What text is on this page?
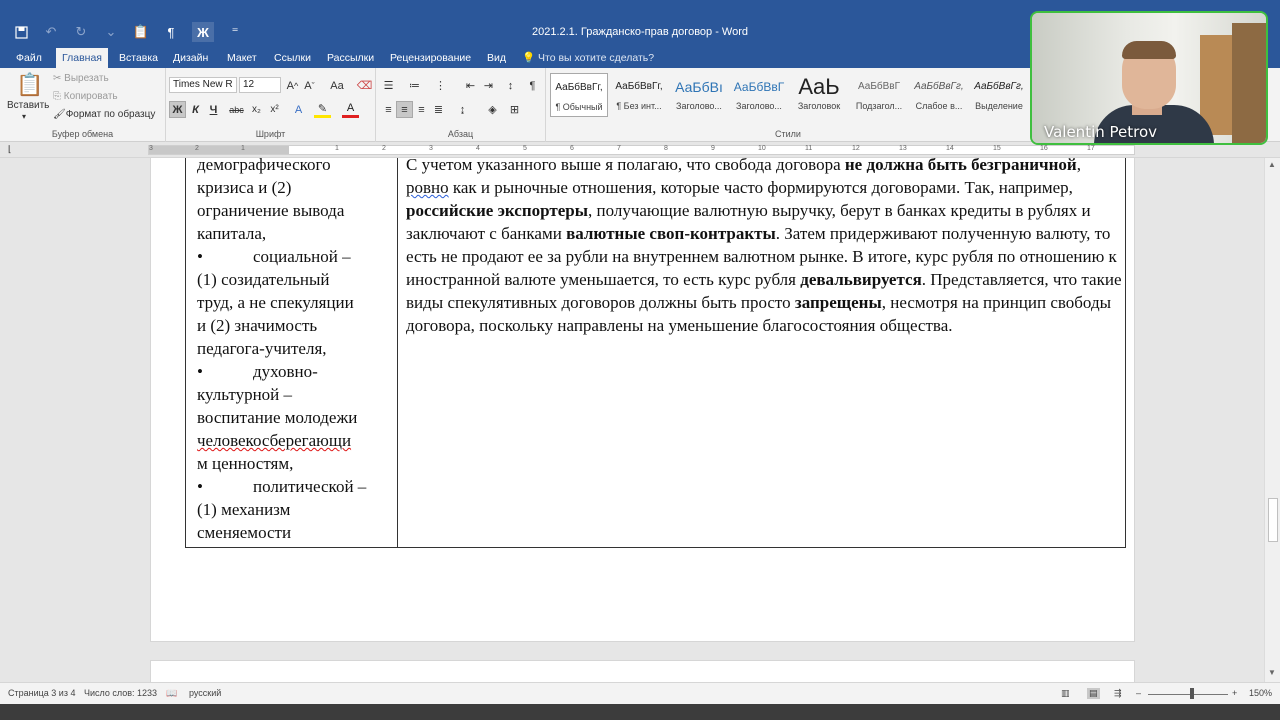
↶ ↻ ⌄ 📋	¶	Ж	⁼	2021.2.1. Гражданско-прав договор - Word
Файл	Главная	Вставка	Дизайн	Макет	Ссылки	Рассылки	Рецензирование	Вид	💡 Что вы хотите сделать?
📋
Вставить
▾
✂ Вырезать
⎘ Копировать
🖌Формат по образцу
Буфер обмена
Times New R	12	A ^ A ˇ	Aa	⌫
Ж К Ч	abc x₂ x²	A	✎	A
Шрифт
☰	≔ ⋮	⇤ ⇥	↕	¶
≡ ≡ ≡ ≣	↨	◈	⊞
Абзац
АаБбВвГг,
¶ Обычный
АаБбВвГг,
¶ Без инт...
АаБбВı
Заголово...
АаБбВвГ
Заголово...
AaЬ
Заголовок
АаБбВвГ
Подзагол...
АаБбВвГг,
Слабое в...
АаБбВвГг,
Выделение
Стили
⌊	3	2	1	1	2	3	4	5	6	7	8	9	10	11	12	13	14	15	16	17
демографического
кризиса и (2)
ограничение вывода
капитала,
•	социальной –
(1) созидательный
труд, а не спекуляции
и (2) значимость
педагога-учителя,
•	духовно-
культурной –
воспитание молодежи
человекосберегающи
м ценностям,
•	политической –
(1) механизм
сменяемости
С учетом указанного выше я полагаю, что свобода договора не должна быть безграничной, ровно как и рыночные отношения, которые часто формируются договорами. Так, например, российские экспортеры, получающие валютную выручку, берут в банках кредиты в рублях и заключают с банками валютные своп-контракты. Затем придерживают полученную валюту, то есть не продают ее за рубли на внутреннем валютном рынке. В итоге, курс рубля по отношению к иностранной валюте уменьшается, то есть курс рубля девальвируется. Представляется, что такие виды спекулятивных договоров должны быть просто запрещены, несмотря на принцип свободы договора, поскольку направлены на уменьшение благосостояния общества.
▲
▼
Страница 3 из 4 Число слов: 1233 📖 русский	▥ ▤ ⇶ –	+ 150%
Valentin Petrov
